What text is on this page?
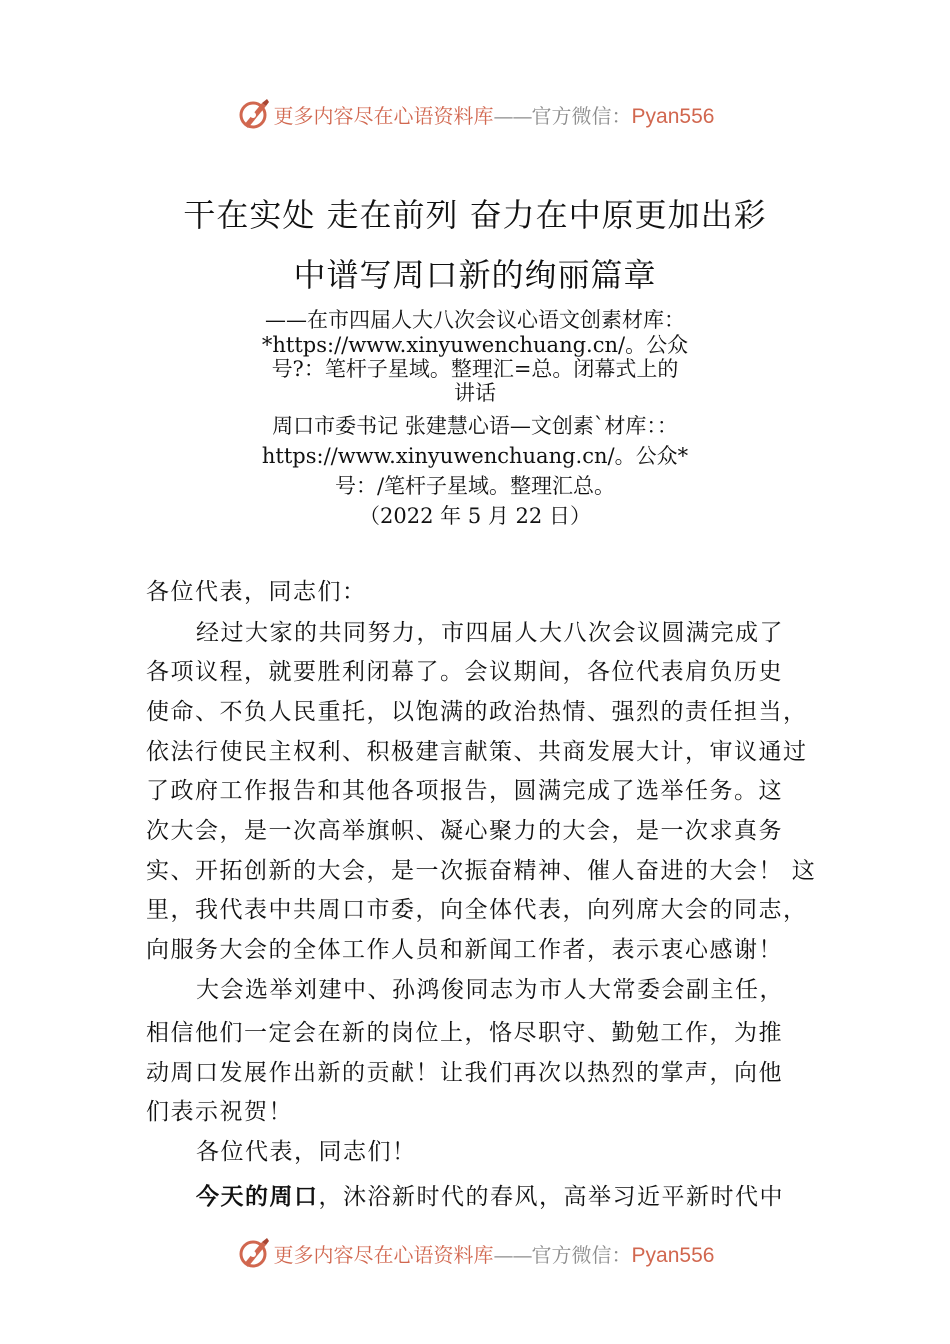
更多内容尽在心语资料库——官方微信：Pyan556
干在实处 走在前列 奋力在中原更加出彩
中谱写周口新的绚丽篇章
——在市四届人大八次会议心语文创素材库：
*https://www.xinyuwenchuang.cn/。公众
号?：笔杆子星域。整理汇=总。闭幕式上的
讲话
周口市委书记 张建慧心语—文创素`材库：：
https://www.xinyuwenchuang.cn/。公众*
号：/笔杆子星域。整理汇总。
（2022 年 5 月 22 日）
各位代表，同志们：
经过大家的共同努力，市四届人大八次会议圆满完成了
各项议程，就要胜利闭幕了。会议期间，各位代表肩负历史
使命、不负人民重托，以饱满的政治热情、强烈的责任担当，
依法行使民主权利、积极建言献策、共商发展大计，审议通过
了政府工作报告和其他各项报告，圆满完成了选举任务。这
次大会，是一次高举旗帜、凝心聚力的大会，是一次求真务
实、开拓创新的大会，是一次振奋精神、催人奋进的大会！ 这
里，我代表中共周口市委，向全体代表，向列席大会的同志，
向服务大会的全体工作人员和新闻工作者，表示衷心感谢！
大会选举刘建中、孙鸿俊同志为市人大常委会副主任，
相信他们一定会在新的岗位上，恪尽职守、勤勉工作，为推
动周口发展作出新的贡献！让我们再次以热烈的掌声，向他
们表示祝贺！
各位代表，同志们！
今天的周口，沐浴新时代的春风，高举习近平新时代中
更多内容尽在心语资料库——官方微信：Pyan556
